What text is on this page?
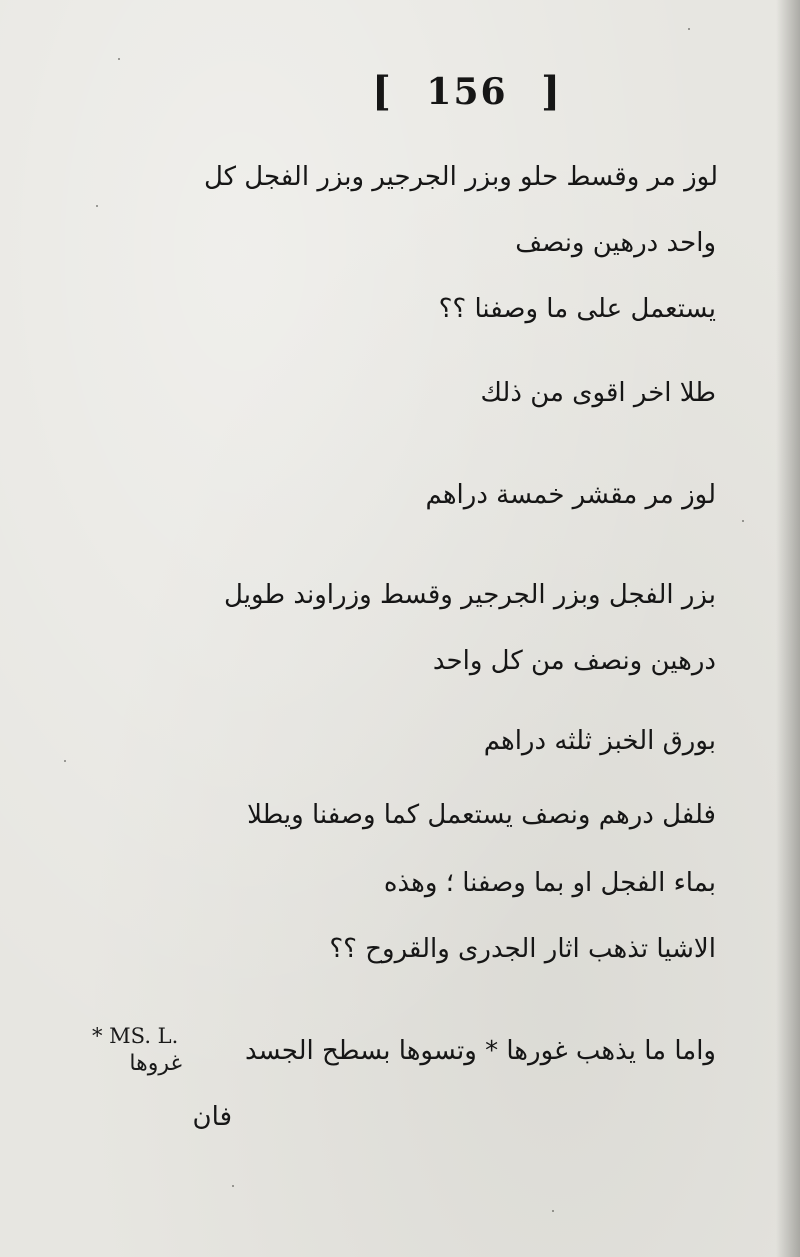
[ 156 ]
لوز مر وقسط حلو وبزر الجرجير وبزر الفجل كل
واحد درهين ونصف
يستعمل على ما وصفنا ؟؟
طلا اخر اقوى من ذلك
لوز مر مقشر خمسة دراهم
بزر الفجل وبزر الجرجير وقسط وزراوند طويل
درهين ونصف من كل واحد
بورق الخبز ثلثه دراهم
فلفل درهم ونصف يستعمل كما وصفنا ويطلا
بماء الفجل او بما وصفنا ؛ وهذه
الاشيا تذهب اثار الجدرى والقروح ؟؟
واما ما يذهب غورها * وتسوها بسطح الجسد
فان
* MS. L.
غروها
